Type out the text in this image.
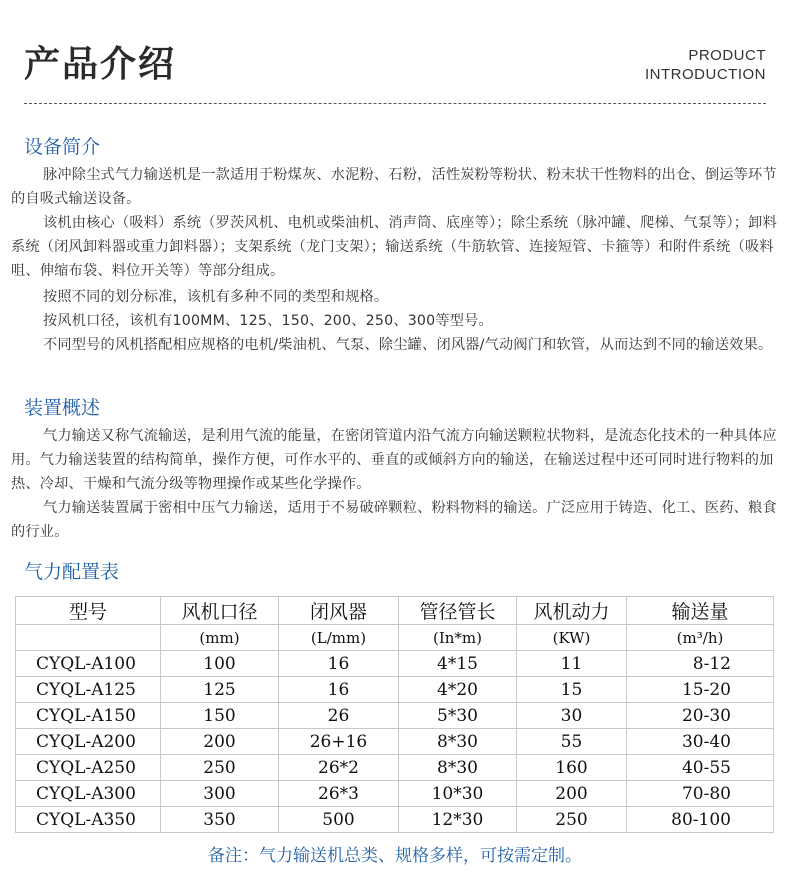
产品介绍	PRODUCT
INTRODUCTION
设备简介

脉冲除尘式气力输送机是一款适用于粉煤灰、水泥粉、石粉，活性炭粉等粉状、粉末状干性物料的出仓、倒运等环节的自吸式输送设备。

该机由核心（吸料）系统（罗茨风机、电机或柴油机、消声筒、底座等）；除尘系统（脉冲罐、爬梯、气泵等）；卸料系统（闭风卸料器或重力卸料器）；支架系统（龙门支架）；输送系统（牛筋软管、连接短管、卡箍等）和附件系统（吸料咀、伸缩布袋、料位开关等）等部分组成。

按照不同的划分标准，该机有多种不同的类型和规格。

按风机口径，该机有100MM、125、150、200、250、300等型号。

不同型号的风机搭配相应规格的电机/柴油机、气泵、除尘罐、闭风器/气动阀门和软管，从而达到不同的输送效果。

装置概述

气力输送又称气流输送，是利用气流的能量，在密闭管道内沿气流方向输送颗粒状物料，是流态化技术的一种具体应用。气力输送装置的结构简单，操作方便，可作水平的、垂直的或倾斜方向的输送，在输送过程中还可同时进行物料的加热、冷却、干燥和气流分级等物理操作或某些化学操作。

气力输送装置属于密相中压气力输送，适用于不易破碎颗粒、粉料物料的输送。广泛应用于铸造、化工、医药、粮食的行业。

气力配置表
型号	风机口径	闭风器	管径管长	风机动力	输送量
	(mm)	(L/mm)	(In*m)	(KW)	(m³/h)
CYQL-A100	100	16	4*15	11	8-12
CYQL-A125	125	16	4*20	15	15-20
CYQL-A150	150	26	5*30	30	20-30
CYQL-A200	200	26+16	8*30	55	30-40
CYQL-A250	250	26*2	8*30	160	40-55
CYQL-A300	300	26*3	10*30	200	70-80
CYQL-A350	350	500	12*30	250	80-100
备注：气力输送机总类、规格多样，可按需定制。
